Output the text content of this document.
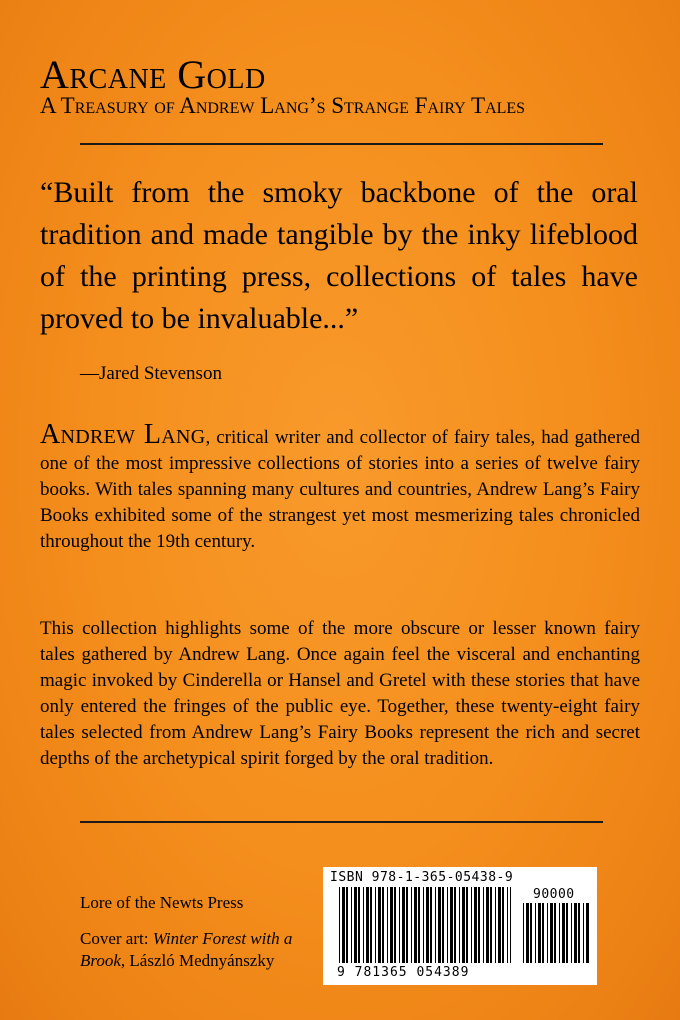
Arcane Gold
A Treasury of Andrew Lang’s Strange Fairy Tales
“Built from the smoky backbone of the oral tradition and made tangible by the inky lifeblood of the printing press, collections of tales have proved to be invaluable...”
—Jared Stevenson
Andrew Lang, critical writer and collector of fairy tales, had gathered one of the most impressive collections of stories into a series of twelve fairy books. With tales spanning many cultures and countries, Andrew Lang’s Fairy Books exhibited some of the strangest yet most mesmerizing tales chronicled throughout the 19th century.
This collection highlights some of the more obscure or lesser known fairy tales gathered by Andrew Lang. Once again feel the visceral and enchanting magic invoked by Cinderella or Hansel and Gretel with these stories that have only entered the fringes of the public eye. Together, these twenty-eight fairy tales selected from Andrew Lang’s Fairy Books represent the rich and secret depths of the archetypical spirit forged by the oral tradition.
Lore of the Newts Press
Cover art: Winter Forest with a Brook, László Mednyánszky
ISBN 978-1-365-05438-9
90000
9 781365 054389
